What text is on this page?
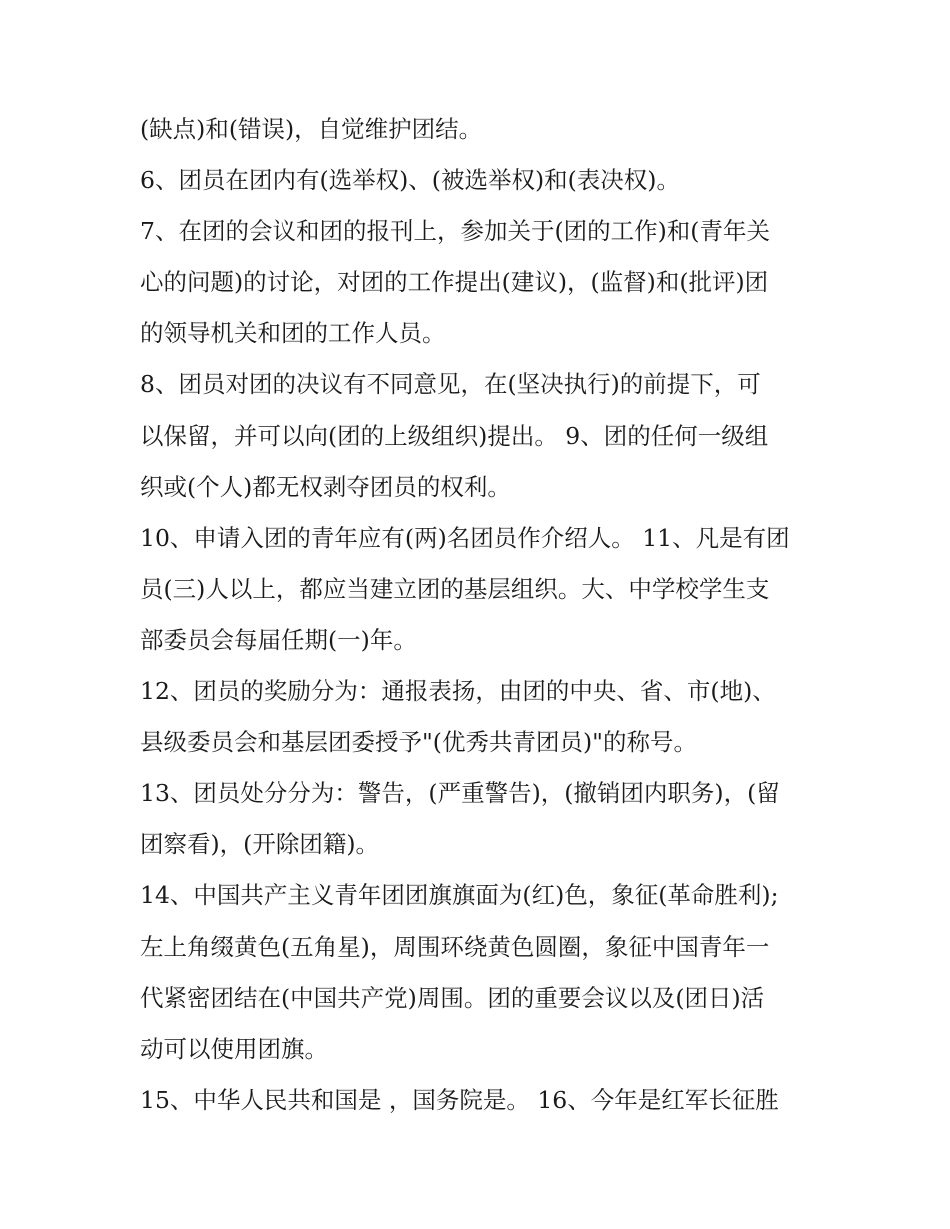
(缺点)和(错误)，自觉维护团结。
6、团员在团内有(选举权)、(被选举权)和(表决权)。
7、在团的会议和团的报刊上，参加关于(团的工作)和(青年关
心的问题)的讨论，对团的工作提出(建议)，(监督)和(批评)团
的领导机关和团的工作人员。
8、团员对团的决议有不同意见，在(坚决执行)的前提下，可
以保留，并可以向(团的上级组织)提出。 9、团的任何一级组
织或(个人)都无权剥夺团员的权利。
10、申请入团的青年应有(两)名团员作介绍人。 11、凡是有团
员(三)人以上，都应当建立团的基层组织。大、中学校学生支
部委员会每届任期(一)年。
12、团员的奖励分为：通报表扬，由团的中央、省、市(地)、
县级委员会和基层团委授予"(优秀共青团员)"的称号。
13、团员处分分为：警告，(严重警告)，(撤销团内职务)，(留
团察看)，(开除团籍)。
14、中国共产主义青年团团旗旗面为(红)色，象征(革命胜利);
左上角缀黄色(五角星)，周围环绕黄色圆圈，象征中国青年一
代紧密团结在(中国共产党)周围。团的重要会议以及(团日)活
动可以使用团旗。
15、中华人民共和国是 ，国务院是。 16、今年是红军长征胜
